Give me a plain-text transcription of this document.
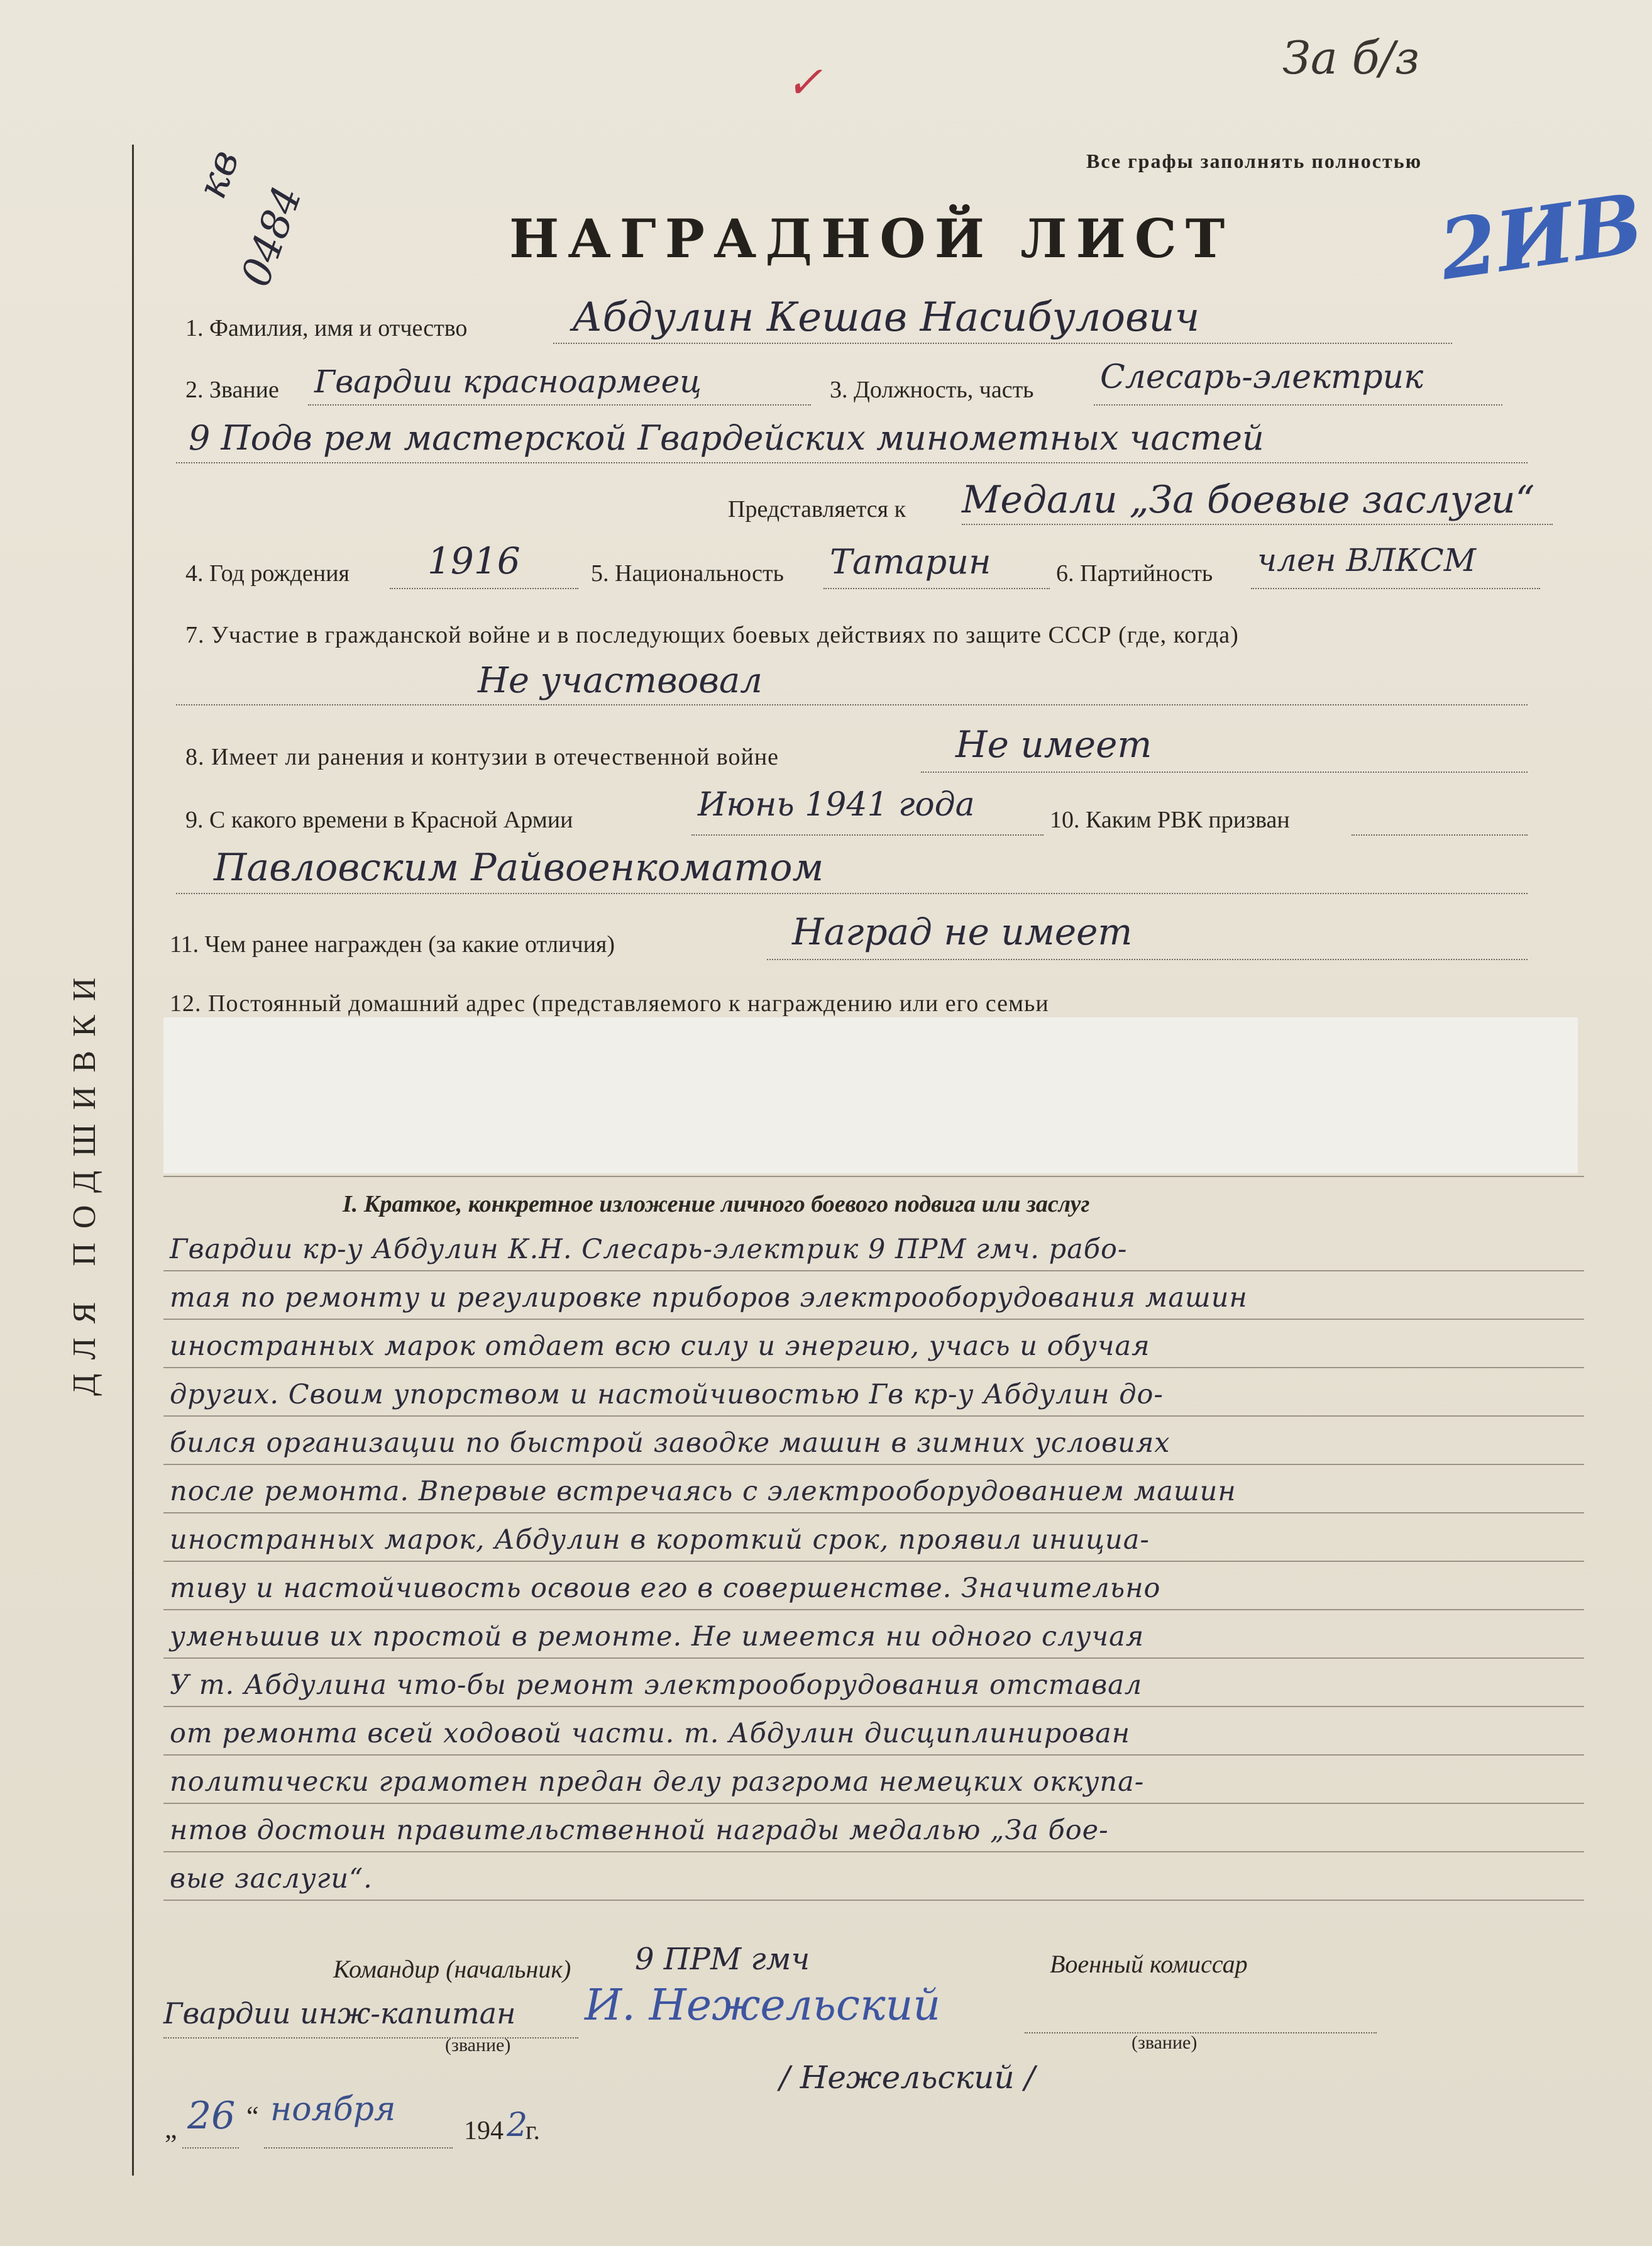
ДЛЯ ПОДШИВКИ
За б/з
✓
Все графы заполнять полностью
кв
0484	2ИВ
НАГРАДНОЙ ЛИСТ
1. Фамилия, имя и отчество	Абдулин Кешав Насибулович
2. Звание Гвардии красноармеец	3. Должность, часть Слесарь-электрик
9 Подв рем мастерской Гвардейских минометных частей
Представляется к Медали „За боевые заслуги“
4. Год рождения 1916	5. Национальность Татарин	6. Партийность член ВЛКСМ
7. Участие в гражданской войне и в последующих боевых действиях по защите СССР (где, когда)
Не участвовал
8. Имеет ли ранения и контузии в отечественной войне	Не имеет
9. С какого времени в Красной Армии	Июнь 1941 года	10. Каким РВК призван
Павловским Райвоенкоматом
11. Чем ранее награжден (за какие отличия)	Наград не имеет
12. Постоянный домашний адрес (представляемого к награждению или его семьи
I. Краткое, конкретное изложение личного боевого подвига или заслуг
Гвардии кр-у Абдулин К.Н. Слесарь-электрик 9 ПРМ гмч. рабо-
тая по ремонту и регулировке приборов электрооборудования машин
иностранных марок отдает всю силу и энергию, учась и обучая
других. Своим упорством и настойчивостью Гв кр-у Абдулин до-
бился организации по быстрой заводке машин в зимних условиях
после ремонта. Впервые встречаясь с электрооборудованием машин
иностранных марок, Абдулин в короткий срок, проявил инициа-
тиву и настойчивость освоив его в совершенстве. Значительно
уменьшив их простой в ремонте. Не имеется ни одного случая
У т. Абдулина что-бы ремонт электрооборудования отставал
от ремонта всей ходовой части. т. Абдулин дисциплинирован
политически грамотен предан делу разгрома немецких оккупа-
нтов достоин правительственной награды медалью „За бое-
вые заслуги“.
Командир (начальник) 9 ПРМ гмч	Военный комиссар
Гвардии инж-капитан
(звание)
И. Нежельский
(звание)
/ Нежельский /
„ 26 “ ноября
194 2
г.
